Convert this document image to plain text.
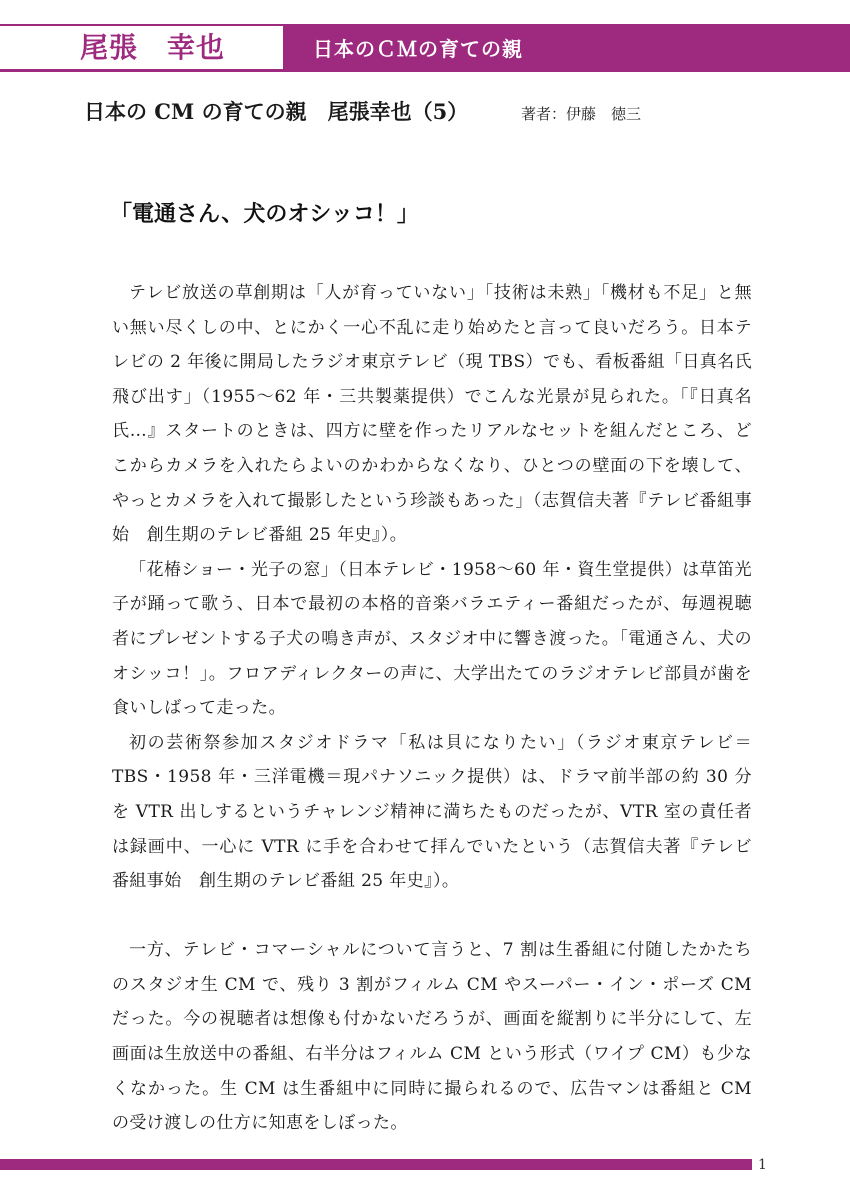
尾張　幸也	日本のＣＭの育ての親
日本の CM の育ての親　尾張幸也（5）	著者：伊藤　徳三
「電通さん、犬のオシッコ！」

テレビ放送の草創期は「人が育っていない」「技術は未熟」「機材も不足」と無い無い尽くしの中、とにかく一心不乱に走り始めたと言って良いだろう。日本テレビの 2 年後に開局したラジオ東京テレビ（現 TBS）でも、看板番組「日真名氏飛び出す」（1955～62 年・三共製薬提供）でこんな光景が見られた。「『日真名氏…』スタートのときは、四方に壁を作ったリアルなセットを組んだところ、どこからカメラを入れたらよいのかわからなくなり、ひとつの壁面の下を壊して、やっとカメラを入れて撮影したという珍談もあった」（志賀信夫著『テレビ番組事始　創生期のテレビ番組 25 年史』）。

「花椿ショー・光子の窓」（日本テレビ・1958～60 年・資生堂提供）は草笛光子が踊って歌う、日本で最初の本格的音楽バラエティー番組だったが、毎週視聴者にプレゼントする子犬の鳴き声が、スタジオ中に響き渡った。「電通さん、犬のオシッコ！」。フロアディレクターの声に、大学出たてのラジオテレビ部員が歯を食いしばって走った。

初の芸術祭参加スタジオドラマ「私は貝になりたい」（ラジオ東京テレビ＝TBS・1958 年・三洋電機＝現パナソニック提供）は、ドラマ前半部の約 30 分を VTR 出しするというチャレンジ精神に満ちたものだったが、VTR 室の責任者は録画中、一心に VTR に手を合わせて拝んでいたという（志賀信夫著『テレビ番組事始　創生期のテレビ番組 25 年史』）。

一方、テレビ・コマーシャルについて言うと、7 割は生番組に付随したかたちのスタジオ生 CM で、残り 3 割がフィルム CM やスーパー・イン・ポーズ CM だった。今の視聴者は想像も付かないだろうが、画面を縦割りに半分にして、左画面は生放送中の番組、右半分はフィルム CM という形式（ワイプ CM）も少なくなかった。生 CM は生番組中に同時に撮られるので、広告マンは番組と CM の受け渡しの仕方に知恵をしぼった。

1
